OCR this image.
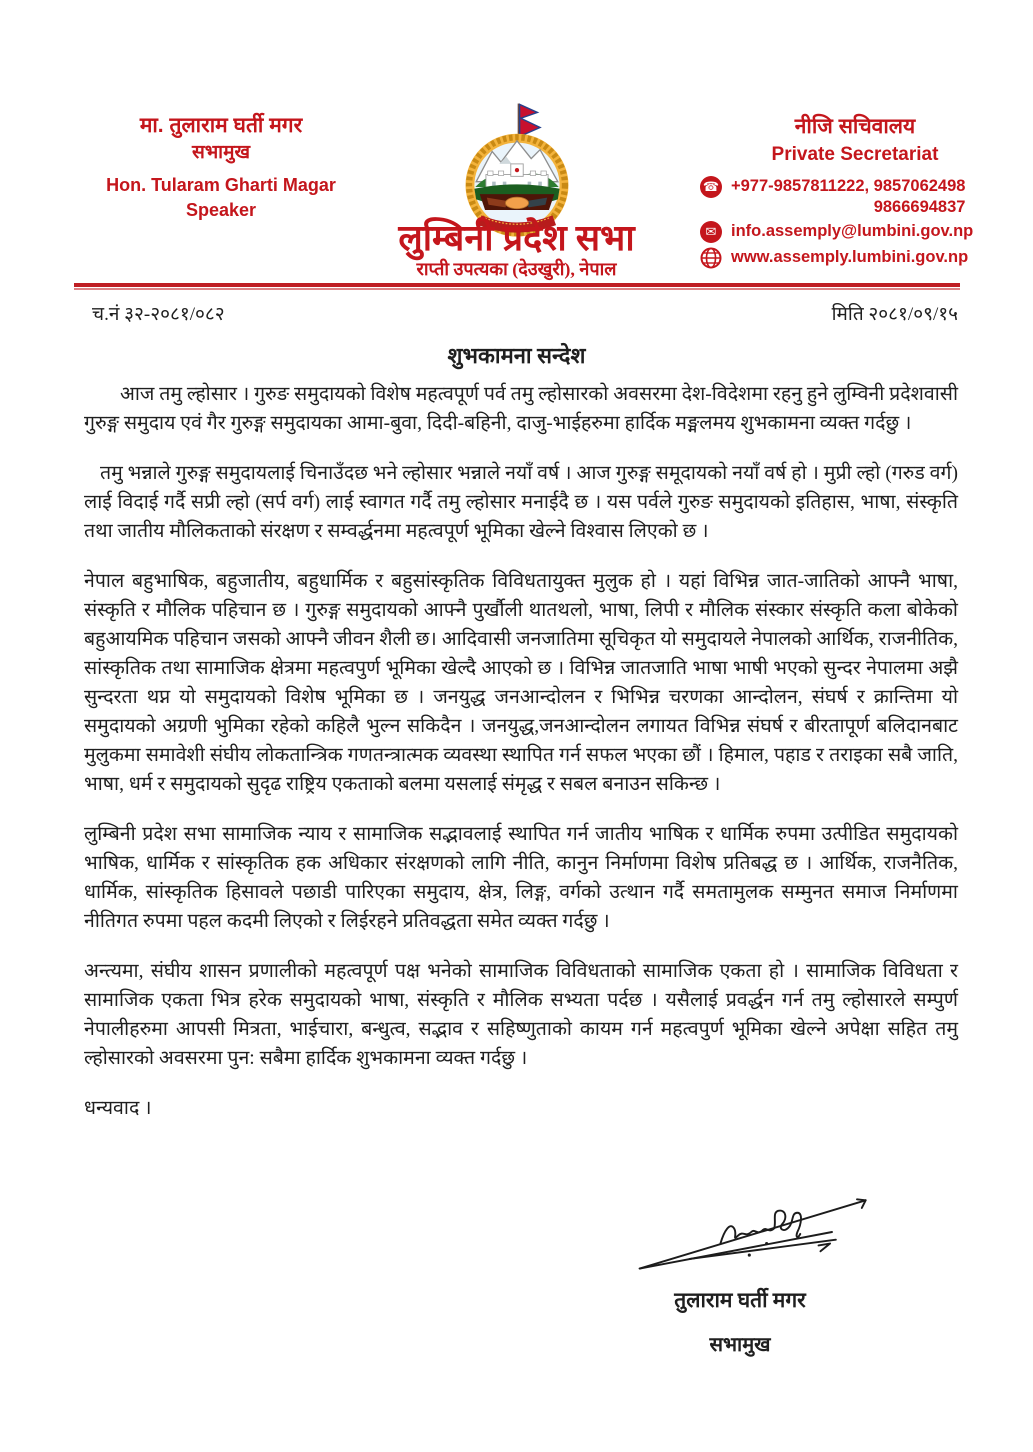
मा. तुलाराम घर्ती मगर
सभामुख
Hon. Tularam Gharti Magar
Speaker
लुम्बिनी प्रदेश सभा
राप्ती उपत्यका (देउखुरी), नेपाल
नीजि सचिवालय
Private Secretariat
☎ +977-9857811222, 9857062498
9866694837
✉ info.assemply@lumbini.gov.np
www.assemply.lumbini.gov.np
च.नं ३२-२०८१/०८२	मिति २०८१/०९/१५
शुभकामना सन्देश

आज तमु ल्होसार । गुरुङ समुदायको विशेष महत्वपूर्ण पर्व तमु ल्होसारको अवसरमा देश-विदेशमा रहनु हुने लुम्विनी प्रदेशवासी गुरुङ्ग समुदाय एवं गैर गुरुङ्ग समुदायका आमा-बुवा, दिदी-बहिनी, दाजु-भाईहरुमा हार्दिक मङ्मलमय शुभकामना व्यक्त गर्दछु ।

तमु भन्नाले गुरुङ्ग समुदायलाई चिनाउँदछ भने ल्होसार भन्नाले नयाँ वर्ष । आज गुरुङ्ग समूदायको नयाँ वर्ष हो । मुप्री ल्हो (गरुड वर्ग) लाई विदाई गर्दै सप्री ल्हो (सर्प वर्ग) लाई स्वागत गर्दै तमु ल्होसार मनाईदै छ । यस पर्वले गुरुङ समुदायको इतिहास, भाषा, संस्कृति तथा जातीय मौलिकताको संरक्षण र सम्वर्द्धनमा महत्वपूर्ण भूमिका खेल्ने विश्वास लिएको छ ।

नेपाल बहुभाषिक, बहुजातीय, बहुधार्मिक र बहुसांस्कृतिक विविधतायुक्त मुलुक हो । यहां विभिन्न जात-जातिको आफ्नै भाषा, संस्कृति र मौलिक पहिचान छ । गुरुङ्ग समुदायको आफ्नै पुर्खौली थातथलो, भाषा, लिपी र मौलिक संस्कार संस्कृति कला बोकेको बहुआयमिक पहिचान जसको आफ्नै जीवन शैली छ। आदिवासी जनजातिमा सूचिकृत यो समुदायले नेपालको आर्थिक, राजनीतिक, सांस्कृतिक तथा सामाजिक क्षेत्रमा महत्वपुर्ण भूमिका खेल्दै आएको छ । विभिन्न जातजाति भाषा भाषी भएको सुन्दर नेपालमा अझै सुन्दरता थप्न यो समुदायको विशेष भूमिका छ । जनयुद्ध जनआन्दोलन र भिभिन्न चरणका आन्दोलन, संघर्ष र क्रान्तिमा यो समुदायको अग्रणी भुमिका रहेको कहिलै भुल्न सकिदैन । जनयुद्ध,जनआन्दोलन लगायत विभिन्न संघर्ष र बीरतापूर्ण बलिदानबाट मुलुकमा समावेशी संघीय लोकतान्त्रिक गणतन्त्रात्मक व्यवस्था स्थापित गर्न सफल भएका छौं । हिमाल, पहाड र तराइका सबै जाति, भाषा, धर्म र समुदायको सुदृढ राष्ट्रिय एकताको बलमा यसलाई संमृद्ध र सबल बनाउन सकिन्छ ।

लुम्बिनी प्रदेश सभा सामाजिक न्याय र सामाजिक सद्भावलाई स्थापित गर्न जातीय भाषिक र धार्मिक रुपमा उत्पीडित समुदायको भाषिक, धार्मिक र सांस्कृतिक हक अधिकार संरक्षणको लागि नीति, कानुन निर्माणमा विशेष प्रतिबद्ध छ । आर्थिक, राजनैतिक, धार्मिक, सांस्कृतिक हिसावले पछाडी पारिएका समुदाय, क्षेत्र, लिङ्ग, वर्गको उत्थान गर्दै समतामुलक सम्मुनत समाज निर्माणमा नीतिगत रुपमा पहल कदमी लिएको र लिईरहने प्रतिवद्धता समेत व्यक्त गर्दछु ।

अन्त्यमा, संघीय शासन प्रणालीको महत्वपूर्ण पक्ष भनेको सामाजिक विविधताको सामाजिक एकता हो । सामाजिक विविधता र सामाजिक एकता भित्र हरेक समुदायको भाषा, संस्कृति र मौलिक सभ्यता पर्दछ । यसैलाई प्रवर्द्धन गर्न तमु ल्होसारले सम्पुर्ण नेपालीहरुमा आपसी मित्रता, भाईचारा, बन्धुत्व, सद्भाव र सहिष्णुताको कायम गर्न महत्वपुर्ण भूमिका खेल्ने अपेक्षा सहित तमु ल्होसारको अवसरमा पुन: सबैमा हार्दिक शुभकामना व्यक्त गर्दछु ।

धन्यवाद ।

तुलाराम घर्ती मगर
सभामुख
